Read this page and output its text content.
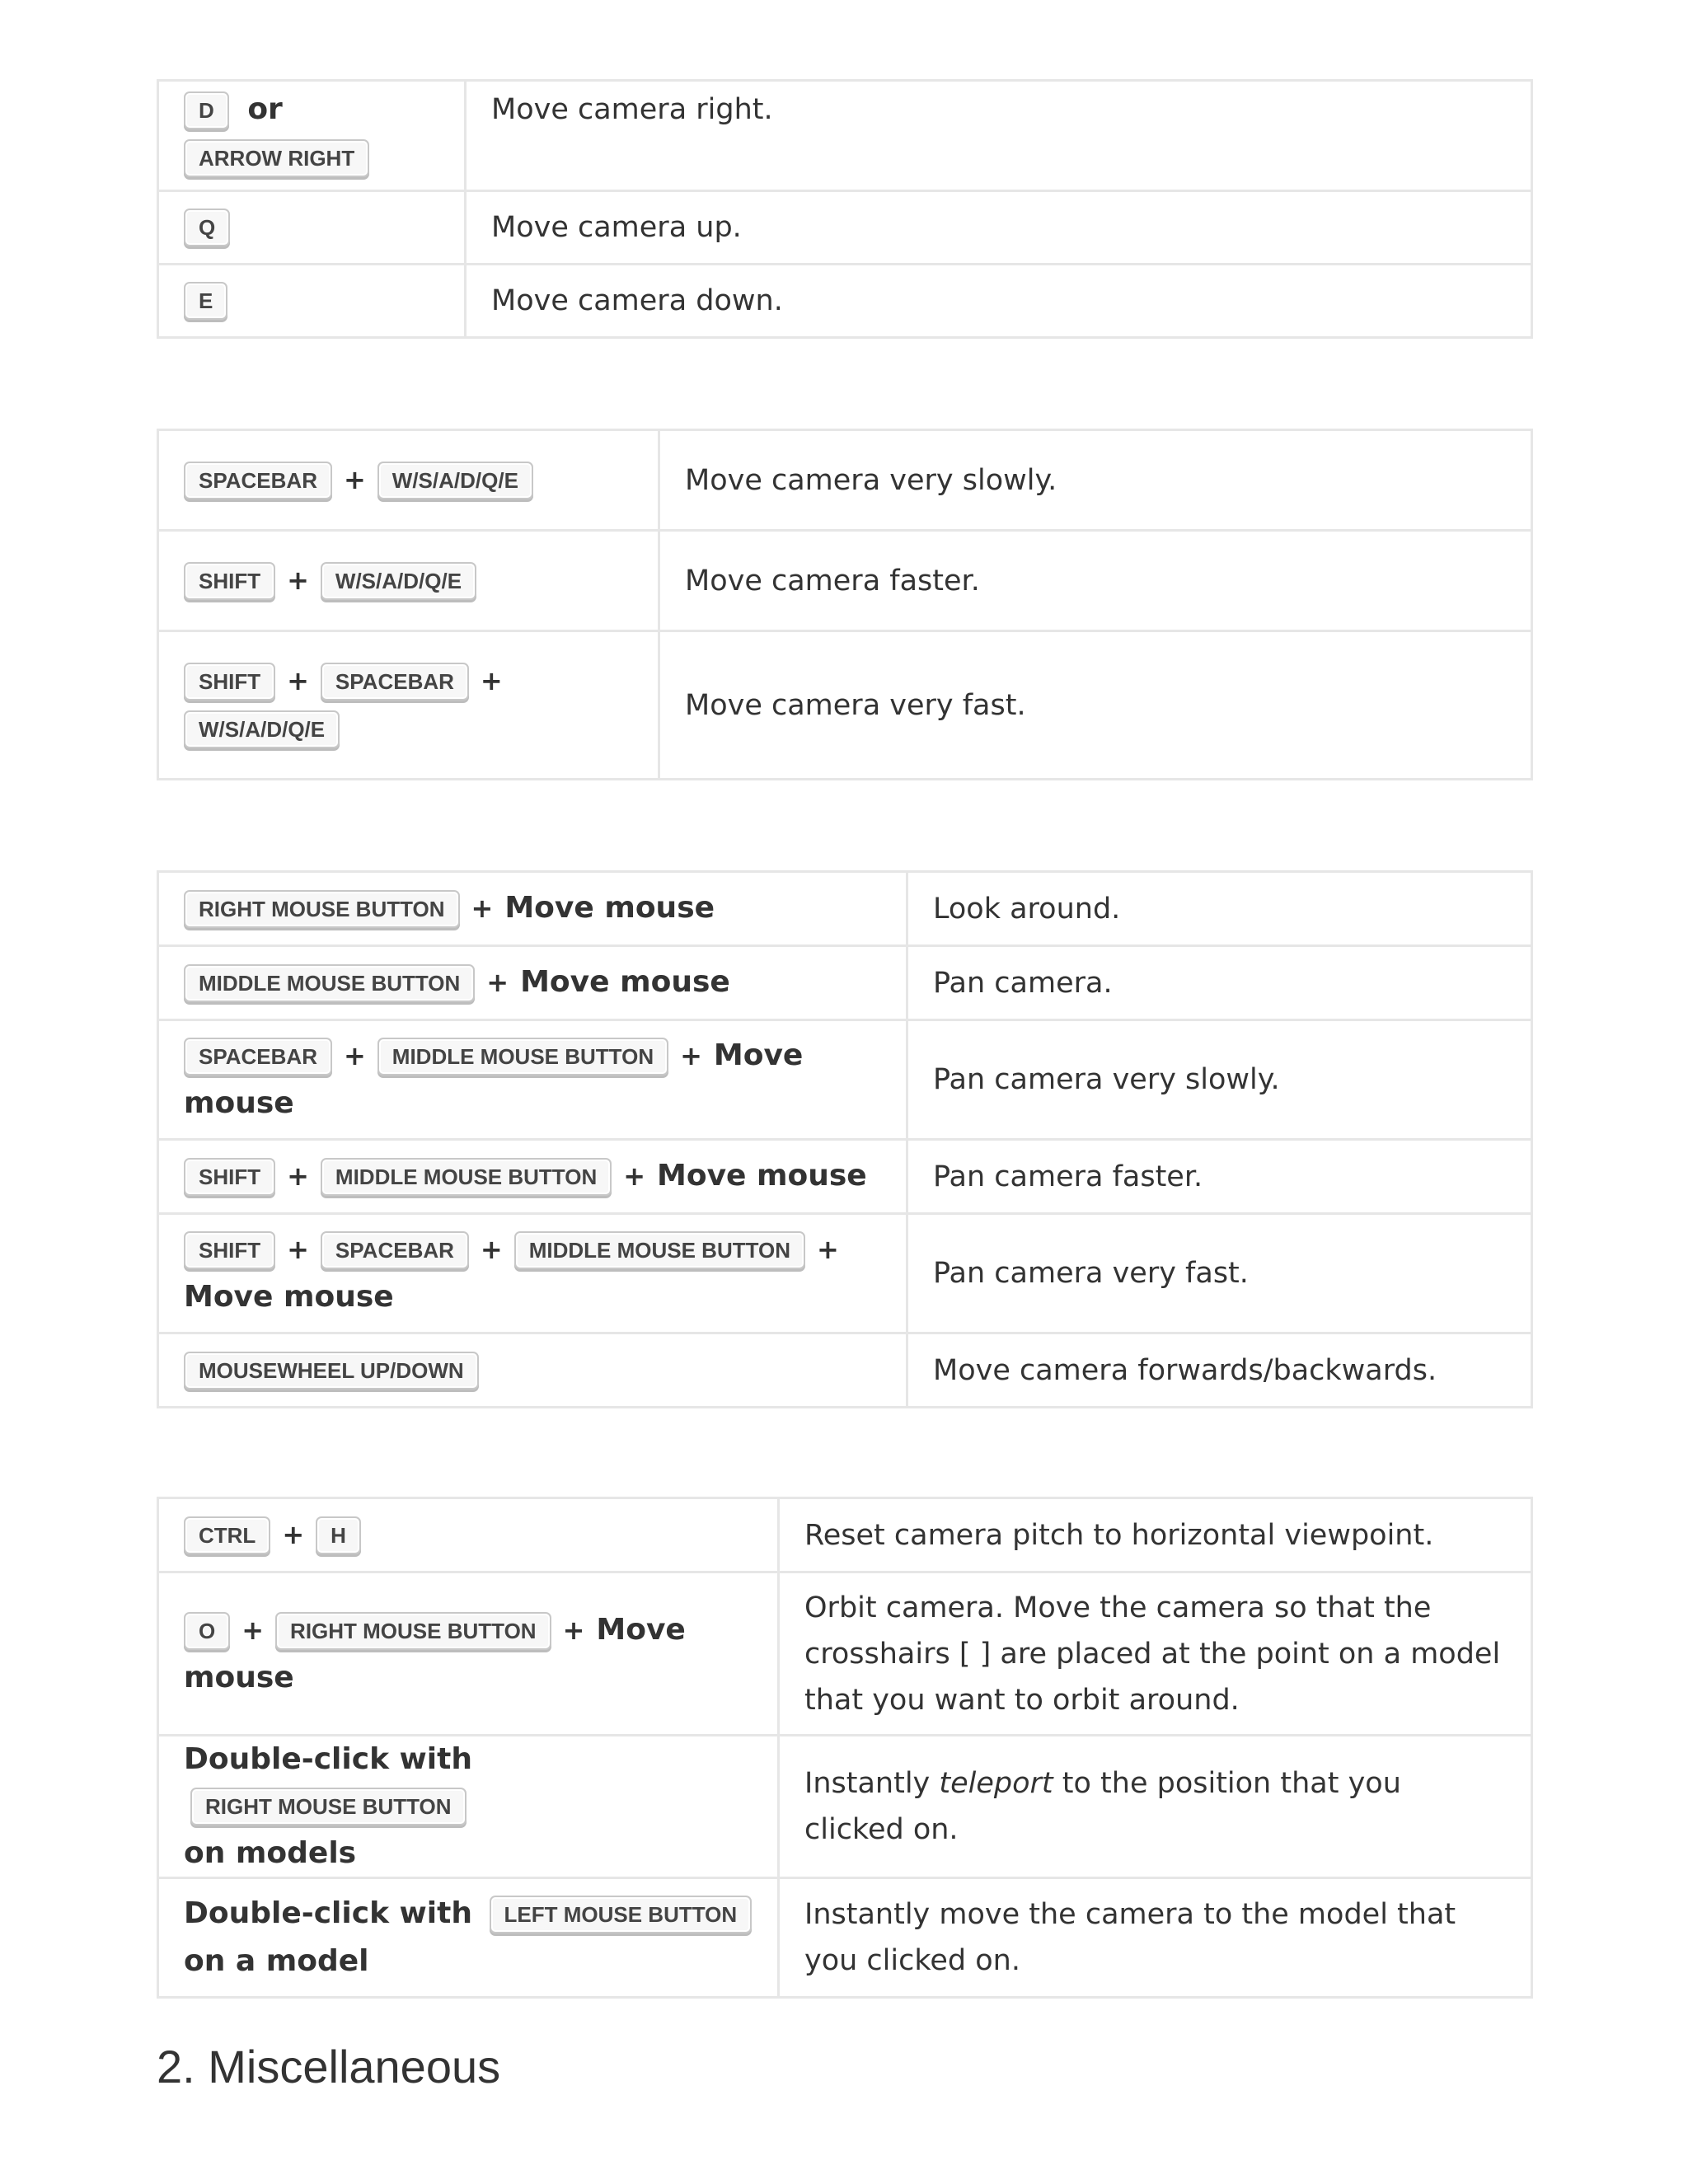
D or
ARROW RIGHT	Move camera right.
Q	Move camera up.
E	Move camera down.
SPACEBAR + W/S/A/D/Q/E	Move camera very slowly.
SHIFT + W/S/A/D/Q/E	Move camera faster.
SHIFT + SPACEBAR +
W/S/A/D/Q/E	Move camera very fast.
RIGHT MOUSE BUTTON + Move mouse	Look around.
MIDDLE MOUSE BUTTON + Move mouse	Pan camera.
SPACEBAR + MIDDLE MOUSE BUTTON + Move
mouse	Pan camera very slowly.
SHIFT + MIDDLE MOUSE BUTTON + Move mouse	Pan camera faster.
SHIFT + SPACEBAR + MIDDLE MOUSE BUTTON +
Move mouse	Pan camera very fast.
MOUSEWHEEL UP/DOWN	Move camera forwards/backwards.
CTRL + H	Reset camera pitch to horizontal viewpoint.
O + RIGHT MOUSE BUTTON + Move
mouse	Orbit camera. Move the camera so that the crosshairs [ ] are placed at the point on a model that you want to orbit around.
Double-click with RIGHT MOUSE BUTTON
on models	Instantly teleport to the position that you clicked on.
Double-click with LEFT MOUSE BUTTON
on a model	Instantly move the camera to the model that you clicked on.
2. Miscellaneous
